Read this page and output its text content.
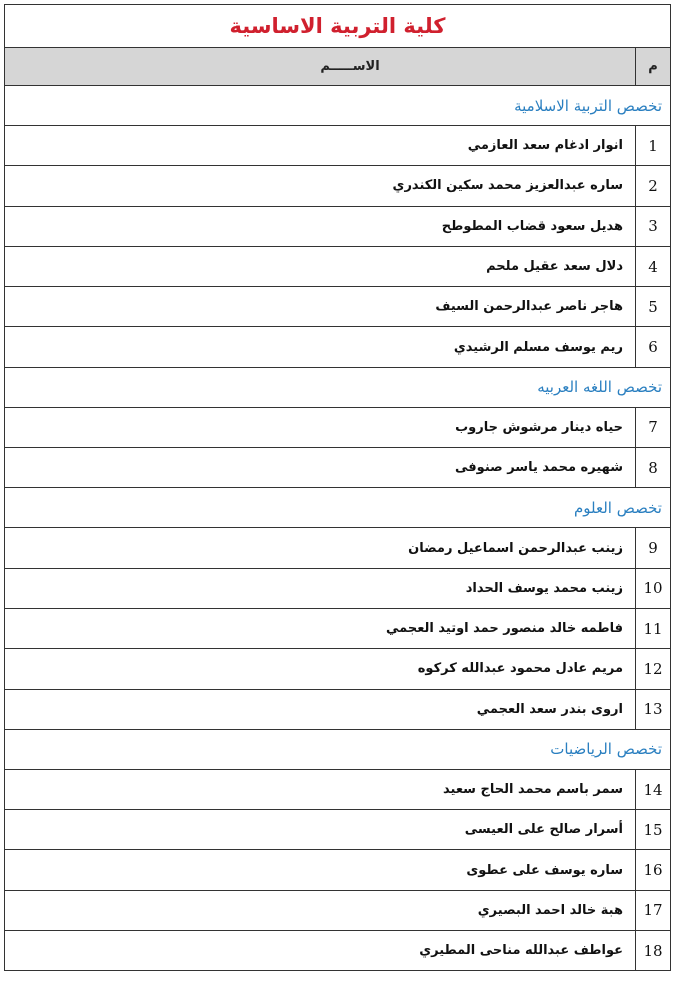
كلية التربية الاساسية
م
الاســـــم
تخصص التربية الاسلامية
1
انوار ادغام سعد العازمي
2
ساره عبدالعزيز محمد سكين الكندري
3
هديل سعود قضاب المطوطح
4
دلال سعد عقيل ملحم
5
هاجر ناصر عبدالرحمن السيف
6
ريم يوسف مسلم الرشيدي
تخصص اللغه العربيه
7
حياه دينار مرشوش جاروب
8
شهيره محمد ياسر صنوفى
تخصص العلوم
9
زينب عبدالرحمن اسماعيل رمضان
10
زينب محمد يوسف الحداد
11
فاطمه خالد منصور حمد اوتيد العجمي
12
مريم عادل محمود عبدالله كركوه
13
اروى بندر سعد العجمي
تخصص الرياضيات
14
سمر باسم محمد الحاج سعيد
15
أسرار صالح على العيسى
16
ساره يوسف على عطوى
17
هبة خالد احمد البصيري
18
عواطف عبدالله مناحى المطيري
